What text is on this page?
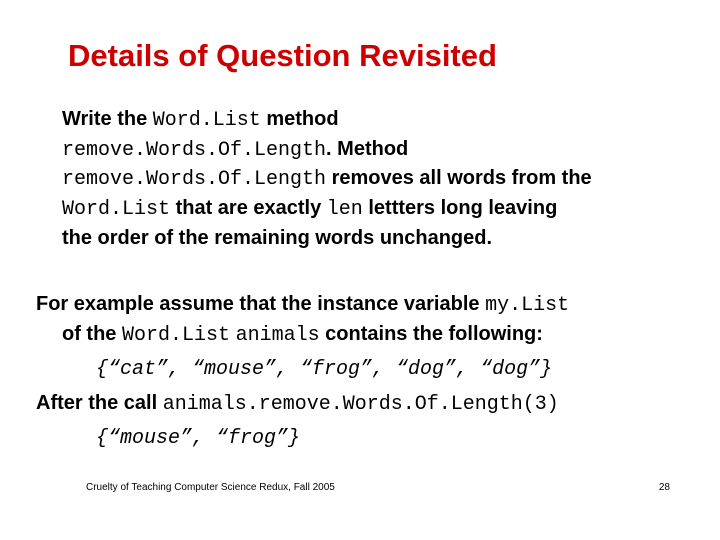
Details of Question Revisited
Write the Word.List method
remove.Words.Of.Length. Method
remove.Words.Of.Length removes all words from the
Word.List that are exactly len lettters long leaving
the order of the remaining words unchanged.
For example assume that the instance variable my.List
of the Word.List animals contains the following:
{“cat”, “mouse”, “frog”, “dog”, “dog”}
After the call animals.remove.Words.Of.Length(3)
{“mouse”, “frog”}
Cruelty of Teaching Computer Science Redux, Fall 2005	28
